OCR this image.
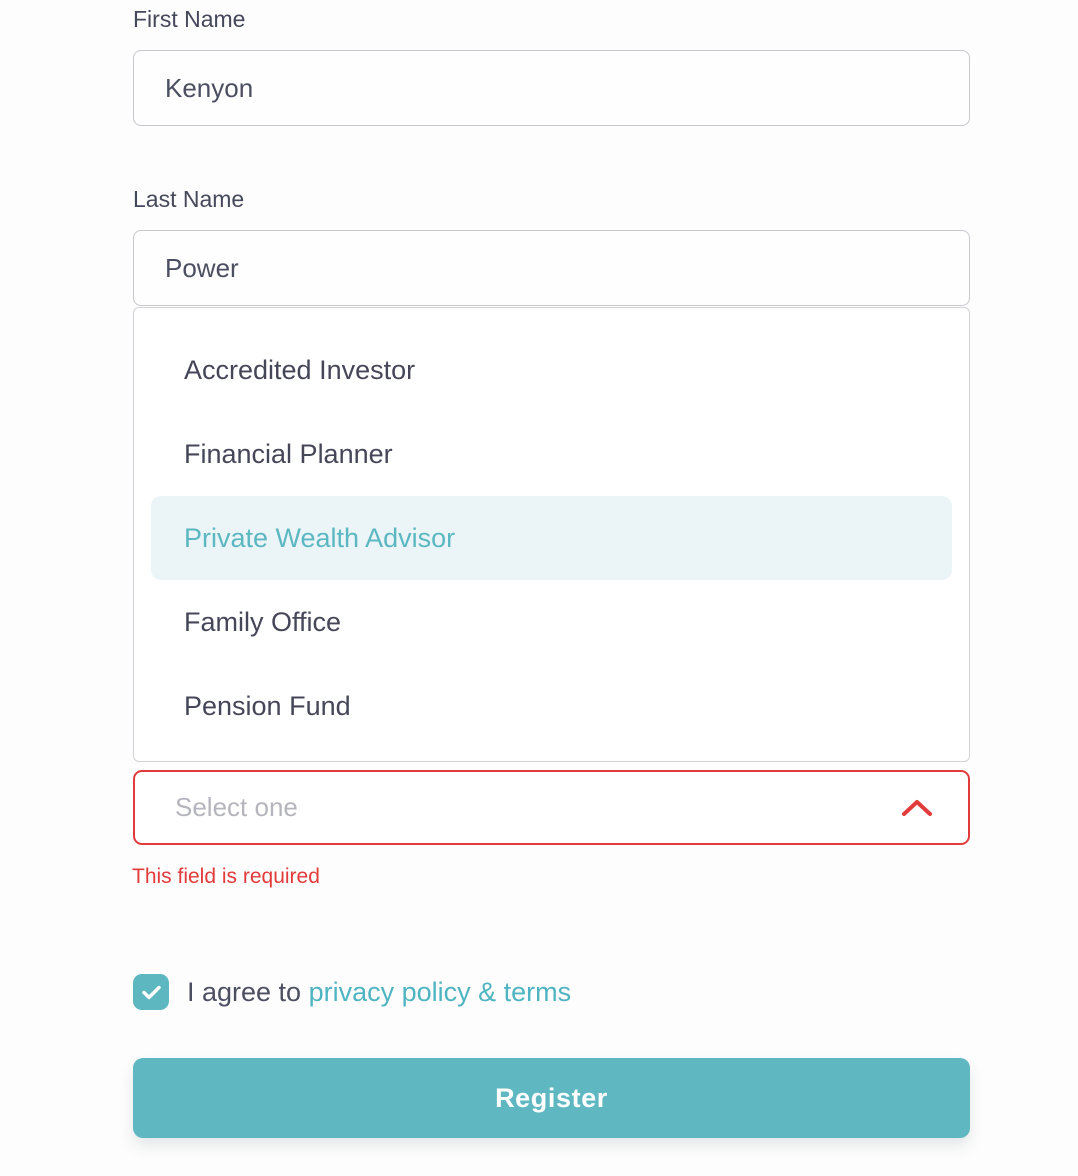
First Name
Kenyon
Last Name
Power
Accredited Investor
Financial Planner
Private Wealth Advisor
Family Office
Pension Fund
Select one
This field is required
I agree to privacy policy & terms
Register
